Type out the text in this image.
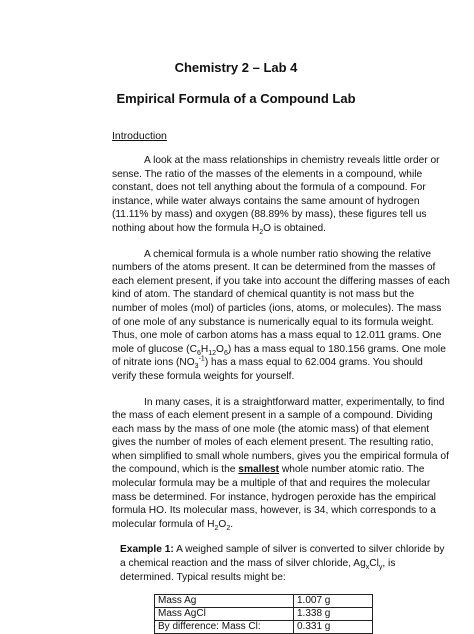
Chemistry 2 – Lab 4
Empirical Formula of a Compound Lab
Introduction

A look at the mass relationships in chemistry reveals little order or sense. The ratio of the masses of the elements in a compound, while constant, does not tell anything about the formula of a compound. For instance, while water always contains the same amount of hydrogen (11.11% by mass) and oxygen (88.89% by mass), these figures tell us nothing about how the formula $H_2O$ is obtained.

A chemical formula is a whole number ratio showing the relative numbers of the atoms present. It can be determined from the masses of each element present, if you take into account the differing masses of each kind of atom. The standard of chemical quantity is not mass but the number of moles (mol) of particles (ions, atoms, or molecules). The mass of one mole of any substance is numerically equal to its formula weight. Thus, one mole of carbon atoms has a mass equal to 12.011 grams. One mole of glucose $(C_6H_{12}O_6)$ has a mass equal to 180.156 grams. One mole of nitrate ions $(NO_3^{-1})$ has a mass equal to 62.004 grams. You should verify these formula weights for yourself.

In many cases, it is a straightforward matter, experimentally, to find the mass of each element present in a sample of a compound. Dividing each mass by the mass of one mole (the atomic mass) of that element gives the number of moles of each element present. The resulting ratio, when simplified to small whole numbers, gives you the empirical formula of the compound, which is the smallest whole number atomic ratio. The molecular formula may be a multiple of that and requires the molecular mass be determined. For instance, hydrogen peroxide has the empirical formula HO. Its molecular mass, however, is 34, which corresponds to a molecular formula of $H_2O_2$.

Example 1: A weighed sample of silver is converted to silver chloride by a chemical reaction and the mass of silver chloride, $Ag_xCl_y$, is determined. Typical results might be:

Mass Ag	1.007 g
Mass AgCl	1.338 g
By difference: Mass Cl:	0.331 g
